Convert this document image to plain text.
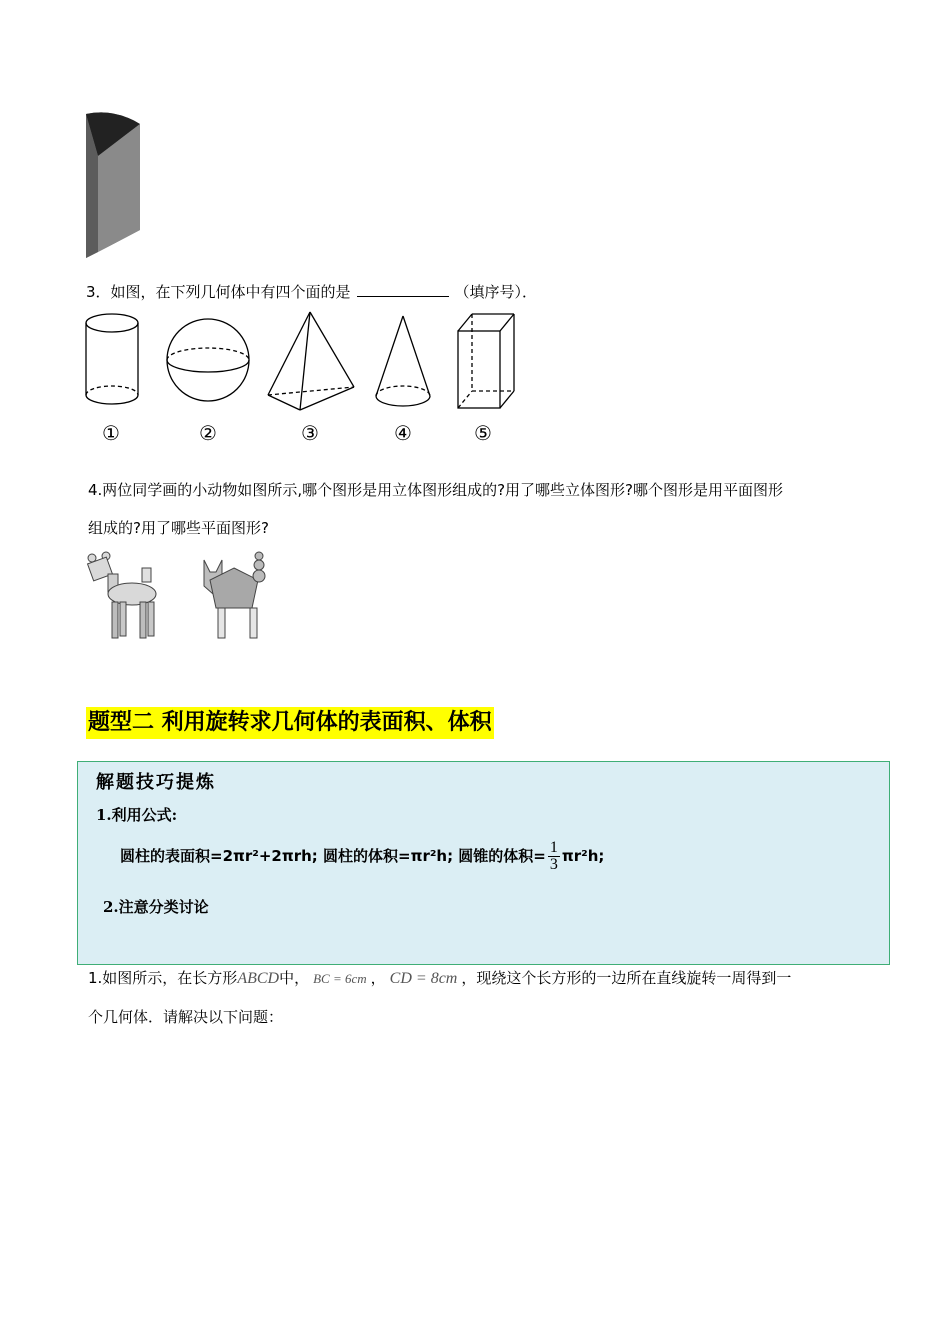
3．如图，在下列几何体中有四个面的是	（填序号）．
①	②	③	④	⑤
4.两位同学画的小动物如图所示,哪个图形是用立体图形组成的?用了哪些立体图形?哪个图形是用平面图形
组成的?用了哪些平面图形?
题型二 利用旋转求几何体的表面积、体积
解题技巧提炼
1.利用公式:
圆柱的表面积=2πr²+2πrh; 圆柱的体积=πr²h; 圆锥的体积= $\frac{1}{3} \pi r^2h$;
2.注意分类讨论
1.如图所示，在长方形ABCD中， BC = 6cm ， CD = 8cm ，现绕这个长方形的一边所在直线旋转一周得到一
个几何体．请解决以下问题：
